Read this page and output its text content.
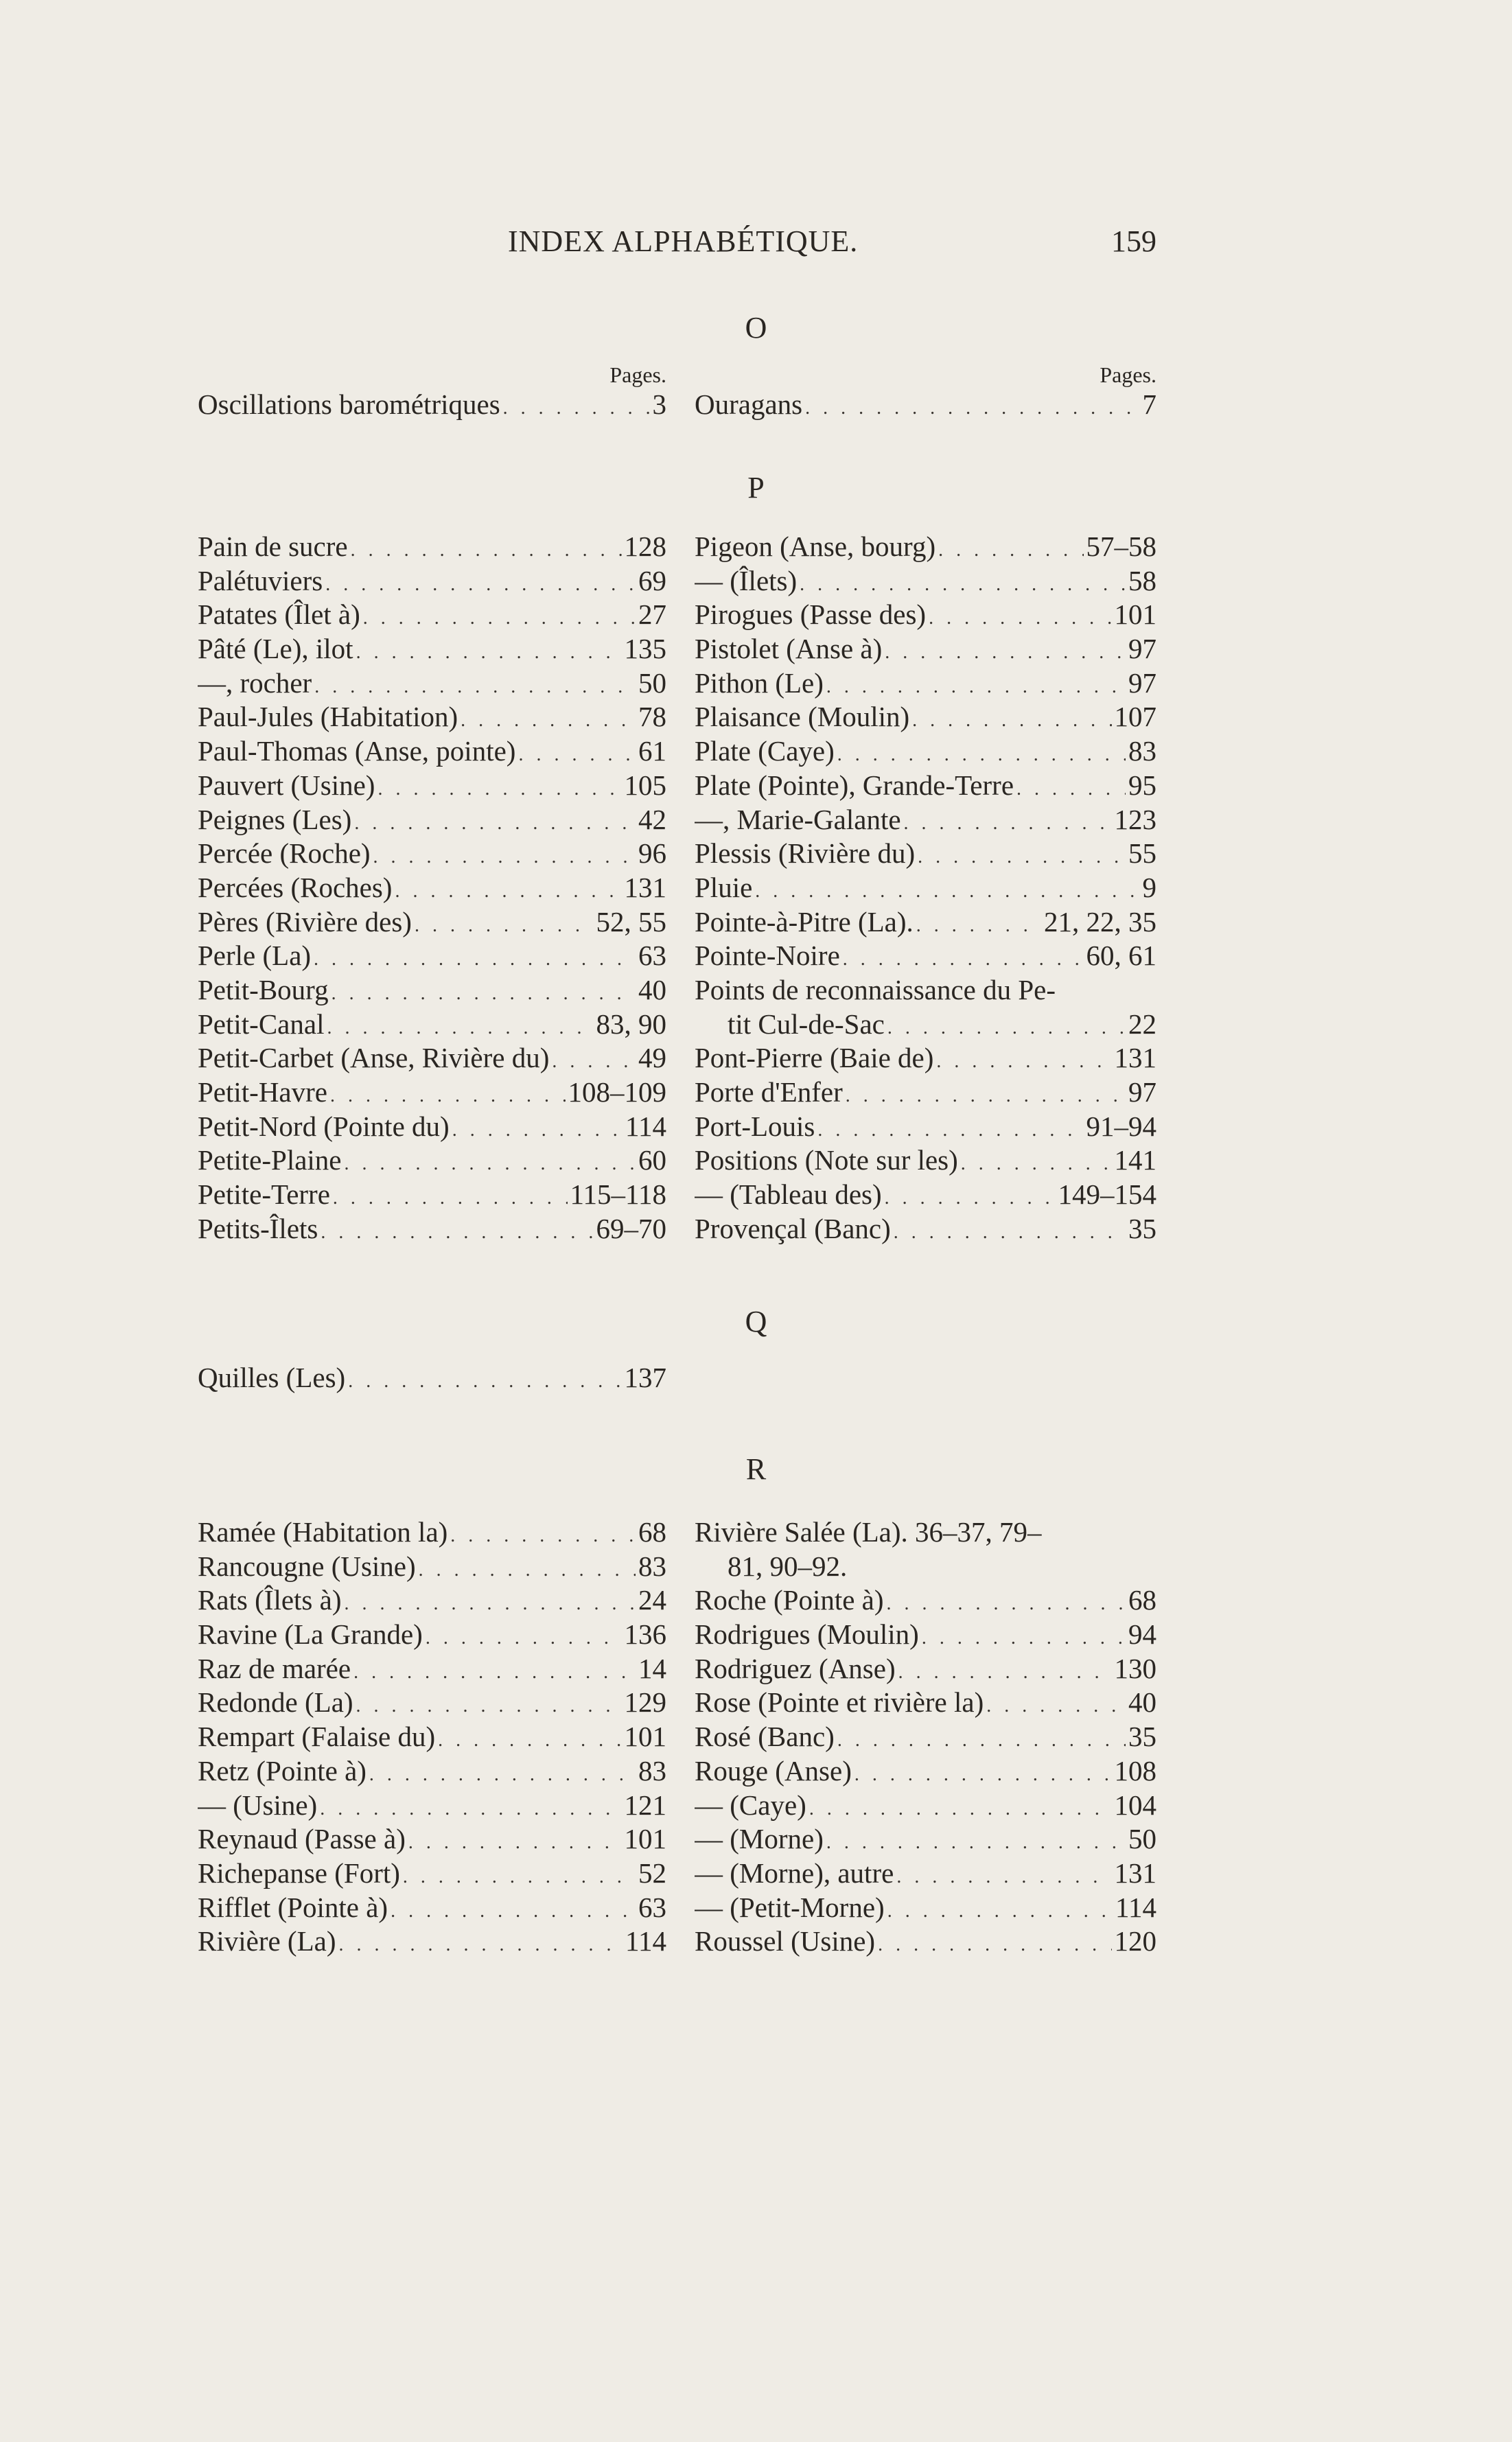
INDEX ALPHABÉTIQUE.	159
O
Pages.
Oscillations barométriques . . .	3
Pages.
Ouragans . . .	7
P
Pain de sucre . . .	128
Palétuviers . . .	69
Patates (Îlet à) . . .	27
Pâté (Le), ilot . . .	135
—, rocher . . .	50
Paul-Jules (Habitation) . . .	78
Paul-Thomas (Anse, pointe) . . .	61
Pauvert (Usine) . . .	105
Peignes (Les) . . .	42
Percée (Roche) . . .	96
Percées (Roches) . . .	131
Pères (Rivière des) . . .	52, 55
Perle (La) . . .	63
Petit-Bourg . . .	40
Petit-Canal . . .	83, 90
Petit-Carbet (Anse, Rivière du) . . .	49
Petit-Havre . . .	108–109
Petit-Nord (Pointe du) . . .	114
Petite-Plaine . . .	60
Petite-Terre . . .	115–118
Petits-Îlets . . .	69–70
Pigeon (Anse, bourg) . . .	57–58
— (Îlets) . . .	58
Pirogues (Passe des) . . .	101
Pistolet (Anse à) . . .	97
Pithon (Le) . . .	97
Plaisance (Moulin) . . .	107
Plate (Caye) . . .	83
Plate (Pointe), Grande-Terre . . .	95
—, Marie-Galante . . .	123
Plessis (Rivière du) . . .	55
Pluie . . .	9
Pointe-à-Pitre (La). . . .	21, 22, 35
Pointe-Noire . . .	60, 61
Points de reconnaissance du Pe-
tit Cul-de-Sac . . .	22
Pont-Pierre (Baie de) . . .	131
Porte d'Enfer . . .	97
Port-Louis . . .	91–94
Positions (Note sur les) . . .	141
— (Tableau des) . . .	149–154
Provençal (Banc) . . .	35
Q
Quilles (Les) . . .	137
R
Ramée (Habitation la) . . .	68
Rancougne (Usine) . . .	83
Rats (Îlets à) . . .	24
Ravine (La Grande) . . .	136
Raz de marée . . .	14
Redonde (La) . . .	129
Rempart (Falaise du) . . .	101
Retz (Pointe à) . . .	83
— (Usine) . . .	121
Reynaud (Passe à) . . .	101
Richepanse (Fort) . . .	52
Rifflet (Pointe à) . . .	63
Rivière (La) . . .	114
Rivière Salée (La). 36–37, 79–
81, 90–92.
Roche (Pointe à) . . .	68
Rodrigues (Moulin) . . .	94
Rodriguez (Anse) . . .	130
Rose (Pointe et rivière la) . . .	40
Rosé (Banc) . . .	35
Rouge (Anse) . . .	108
— (Caye) . . .	104
— (Morne) . . .	50
— (Morne), autre . . .	131
— (Petit-Morne) . . .	114
Roussel (Usine) . . .	120
